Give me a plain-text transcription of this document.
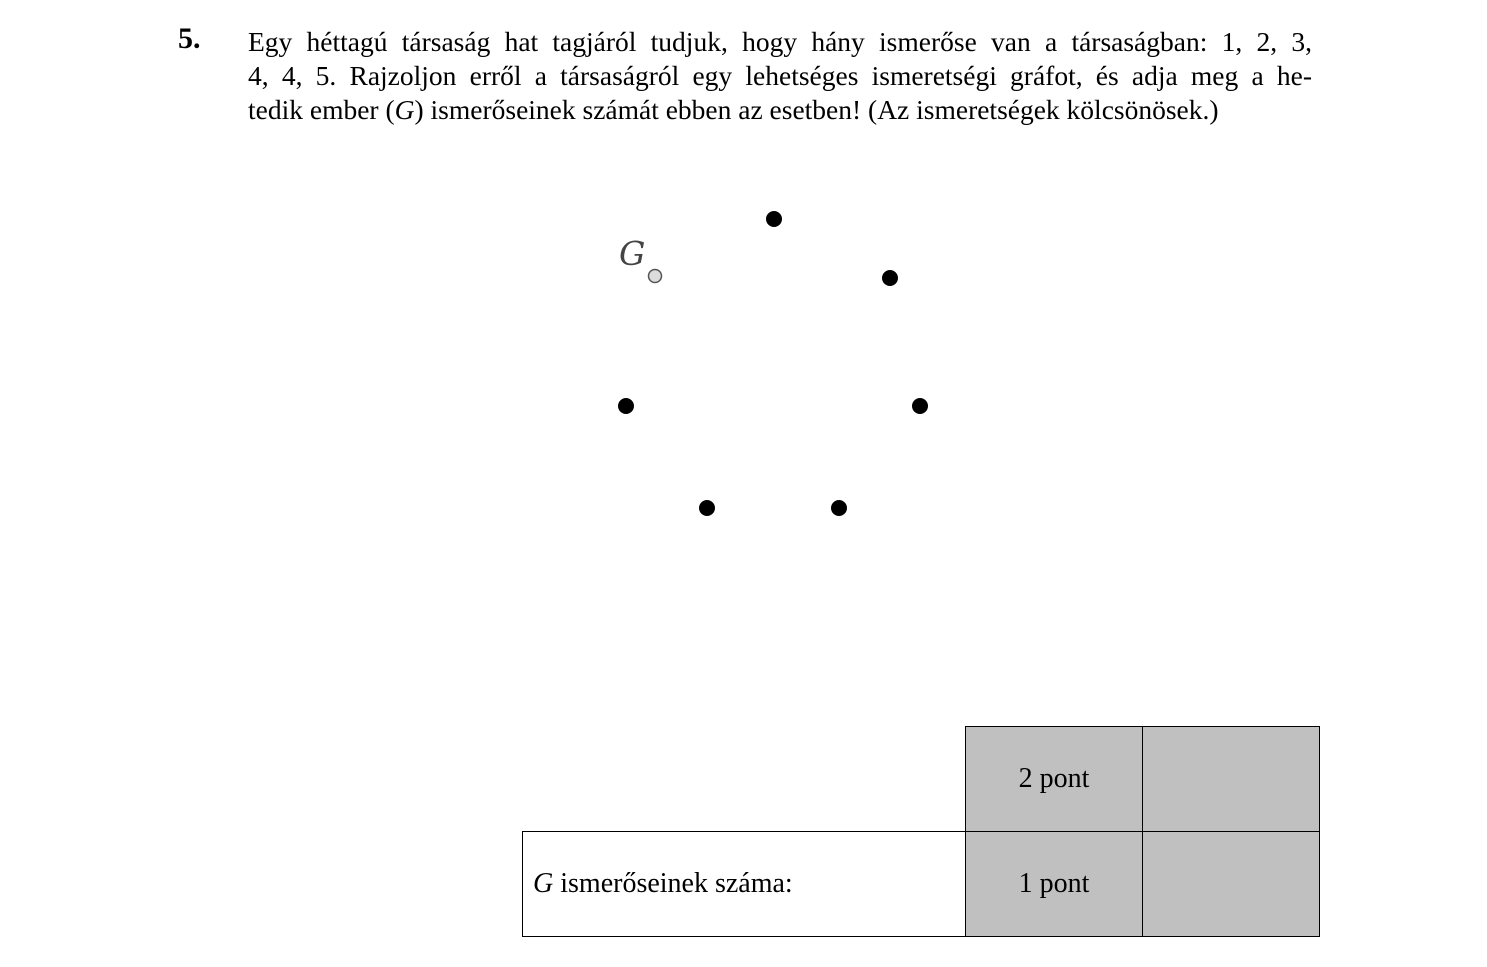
5. Egy héttagú társaság hat tagjáról tudjuk, hogy hány ismerőse van a társaságban: 1, 2, 3,
4, 4, 5. Rajzoljon erről a társaságról egy lehetséges ismeretségi gráfot, és adja meg a he-
tedik ember (G) ismerőseinek számát ebben az esetben! (Az ismeretségek kölcsönösek.)
G
	2 pont	
G ismerőseinek száma:	1 pont	
